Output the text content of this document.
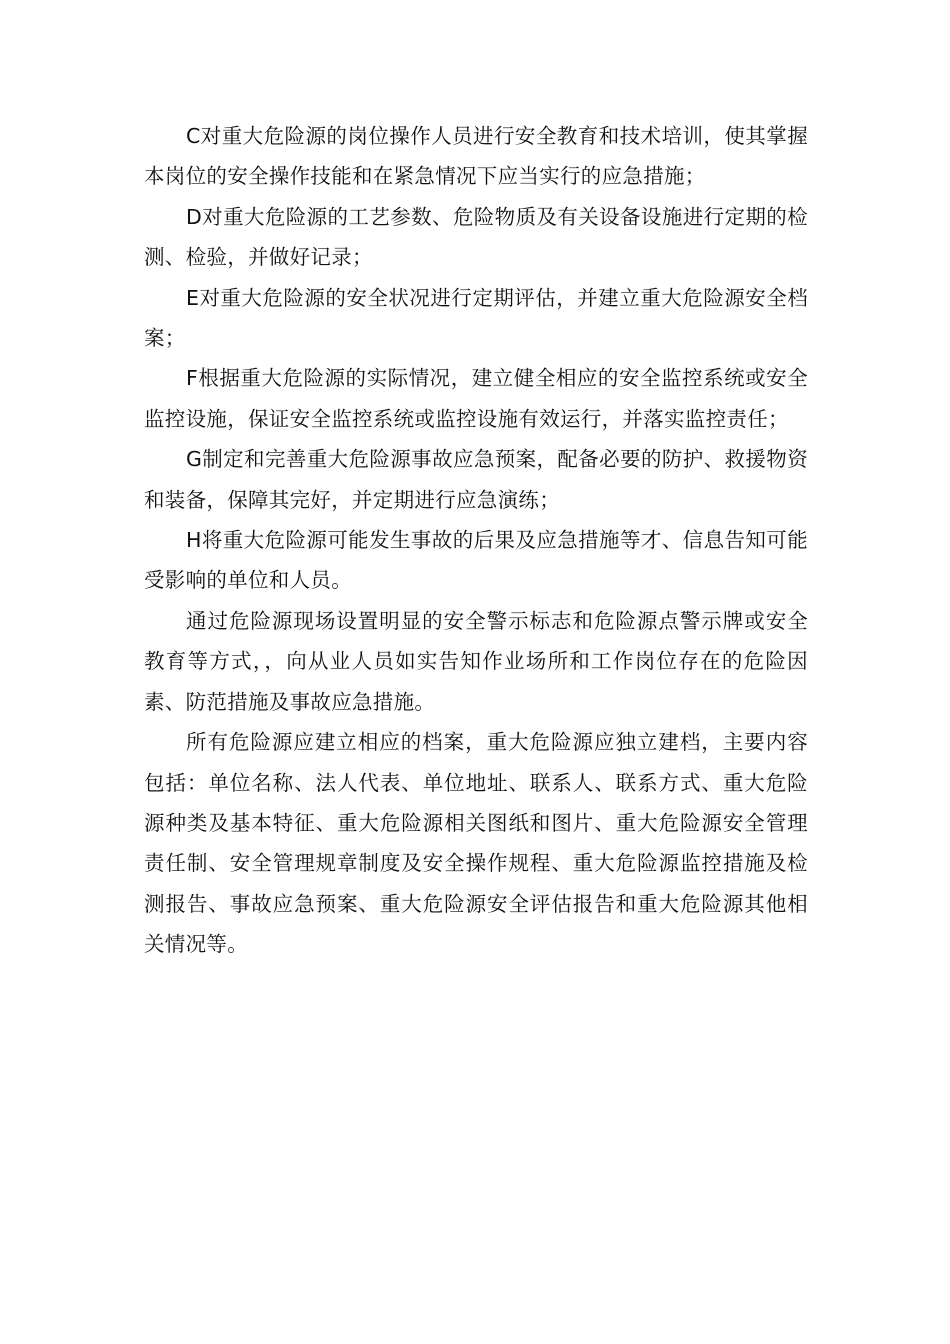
C对重大危险源的岗位操作人员进行安全教育和技术培训，使其掌握本岗位的安全操作技能和在紧急情况下应当实行的应急措施；

D对重大危险源的工艺参数、危险物质及有关设备设施进行定期的检测、检验，并做好记录；

E对重大危险源的安全状况进行定期评估，并建立重大危险源安全档案；

F根据重大危险源的实际情况，建立健全相应的安全监控系统或安全监控设施，保证安全监控系统或监控设施有效运行，并落实监控责任；

G制定和完善重大危险源事故应急预案，配备必要的防护、救援物资和装备，保障其完好，并定期进行应急演练；

H将重大危险源可能发生事故的后果及应急措施等才、信息告知可能受影响的单位和人员。

通过危险源现场设置明显的安全警示标志和危险源点警示牌或安全教育等方式，，向从业人员如实告知作业场所和工作岗位存在的危险因素、防范措施及事故应急措施。

所有危险源应建立相应的档案，重大危险源应独立建档，主要内容包括：单位名称、法人代表、单位地址、联系人、联系方式、重大危险源种类及基本特征、重大危险源相关图纸和图片、重大危险源安全管理责任制、安全管理规章制度及安全操作规程、重大危险源监控措施及检测报告、事故应急预案、重大危险源安全评估报告和重大危险源其他相关情况等。
